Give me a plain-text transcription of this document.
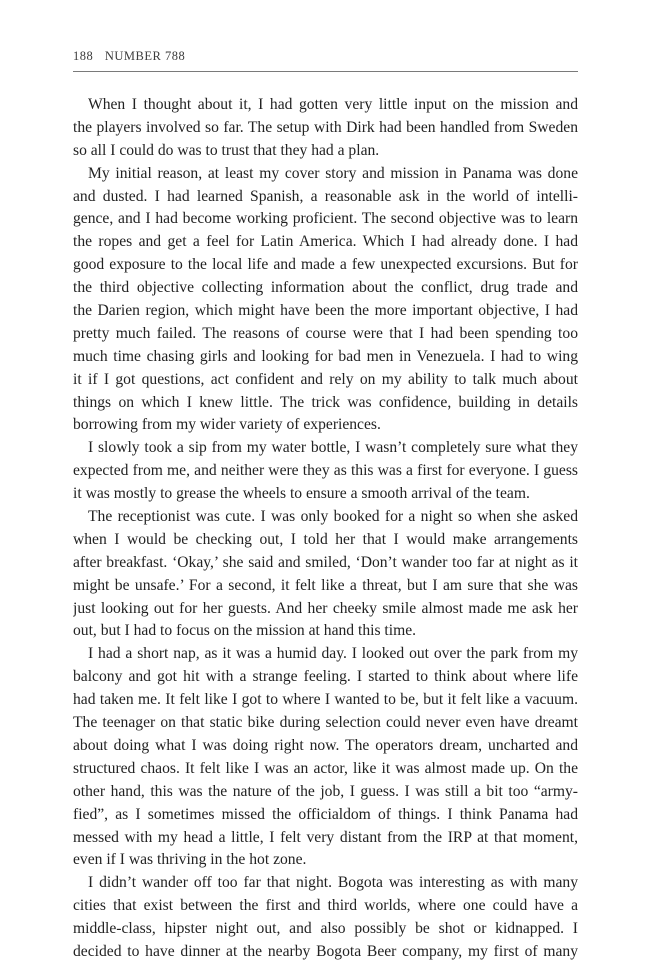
188 NUMBER 788
When I thought about it, I had gotten very little input on the mission and
the players involved so far. The setup with Dirk had been handled from Sweden
so all I could do was to trust that they had a plan.
My initial reason, at least my cover story and mission in Panama was done
and dusted. I had learned Spanish, a reasonable ask in the world of intelli-
gence, and I had become working proficient. The second objective was to learn
the ropes and get a feel for Latin America. Which I had already done. I had
good exposure to the local life and made a few unexpected excursions. But for
the third objective collecting information about the conflict, drug trade and
the Darien region, which might have been the more important objective, I had
pretty much failed. The reasons of course were that I had been spending too
much time chasing girls and looking for bad men in Venezuela. I had to wing
it if I got questions, act confident and rely on my ability to talk much about
things on which I knew little. The trick was confidence, building in details
borrowing from my wider variety of experiences.
I slowly took a sip from my water bottle, I wasn’t completely sure what they
expected from me, and neither were they as this was a first for everyone. I guess
it was mostly to grease the wheels to ensure a smooth arrival of the team.
The receptionist was cute. I was only booked for a night so when she asked
when I would be checking out, I told her that I would make arrangements
after breakfast. ‘Okay,’ she said and smiled, ‘Don’t wander too far at night as it
might be unsafe.’ For a second, it felt like a threat, but I am sure that she was
just looking out for her guests. And her cheeky smile almost made me ask her
out, but I had to focus on the mission at hand this time.
I had a short nap, as it was a humid day. I looked out over the park from my
balcony and got hit with a strange feeling. I started to think about where life
had taken me. It felt like I got to where I wanted to be, but it felt like a vacuum.
The teenager on that static bike during selection could never even have dreamt
about doing what I was doing right now. The operators dream, uncharted and
structured chaos. It felt like I was an actor, like it was almost made up. On the
other hand, this was the nature of the job, I guess. I was still a bit too “army-
fied”, as I sometimes missed the officialdom of things. I think Panama had
messed with my head a little, I felt very distant from the IRP at that moment,
even if I was thriving in the hot zone.
I didn’t wander off too far that night. Bogota was interesting as with many
cities that exist between the first and third worlds, where one could have a
middle-class, hipster night out, and also possibly be shot or kidnapped. I
decided to have dinner at the nearby Bogota Beer company, my first of many
